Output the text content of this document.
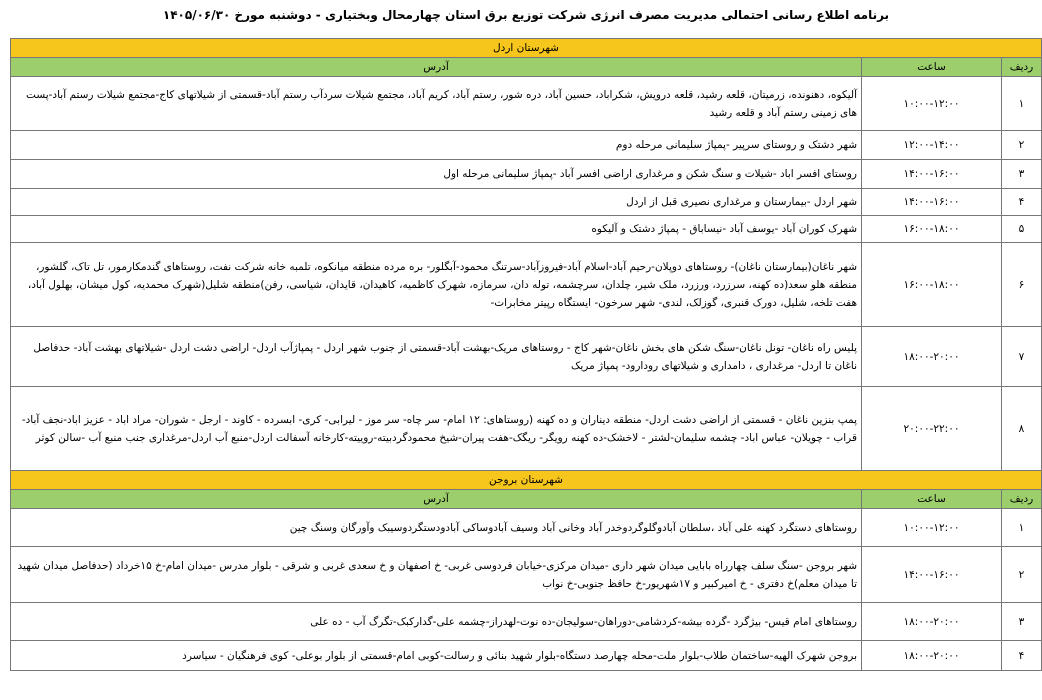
برنامه اطلاع رسانی احتمالی مدیریت مصرف انرژی شرکت توزیع برق استان چهارمحال وبختیاری - دوشنبه مورخ ۱۴۰۵/۰۶/۳۰
شهرستان اردل		
ردیف	ساعت	آدرس
۱	۱۰:۰۰-۱۲:۰۰	آلیکوه، دهنونده، زرمیتان، قلعه رشید، قلعه درویش، شکراباد، حسین آباد، دره شور، رستم آباد، کریم آباد، مجتمع شیلات سردآب رستم آباد-قسمتی از شیلاتهای کاج-مجتمع شیلات رستم آباد-پست های زمینی رستم آباد و قلعه رشید
۲	۱۲:۰۰-۱۴:۰۰	شهر دشتک و روستای سرپیر -پمپاژ سلیمانی مرحله دوم
۳	۱۴:۰۰-۱۶:۰۰	روستای افسر اباد -شیلات و سنگ شکن و مرغداری اراضی افسر آباد -پمپاژ سلیمانی مرحله اول
۴	۱۴:۰۰-۱۶:۰۰	شهر اردل -بیمارستان و مرغداری نصیری قبل از اردل
۵	۱۶:۰۰-۱۸:۰۰	شهرک کوران آباد -یوسف آباد -نیساباق - پمپاژ دشتک و آلیکوه
۶	۱۶:۰۰-۱۸:۰۰	شهر ناغان(بیمارستان ناغان)- روستاهای دوپلان-رحیم آباد-اسلام آباد-فیروزآباد-سرتنگ محمود-آبگلور- بره مرده منطقه میانکوه، تلمبه خانه شرکت نفت، روستاهای گندمکارمور، تل تاک، گلشور، منطقه هلو سعد(ده کهنه، سرزرد، ورزرد، ملک شیر، چلدان، سرچشمه، تولە دان، سرمازه، شهرک کاظمیه، کاهیدان، قایدان، شیاسی، رفن)منطقه شلیل(شهرک محمدیه، کول میشان، بهلول آباد، هفت تلخه، شلیل، دورک قنبری، گوزلک، لندی- شهر سرخون- ایستگاه رپیتر مخابرات-
۷	۱۸:۰۰-۲۰:۰۰	پلیس راه ناغان- تونل ناغان-سنگ شکن های بخش ناغان-شهر کاج - روستاهای مریک-بهشت آباد-قسمتی از جنوب شهر اردل - پمپاژآب اردل- اراضی دشت اردل -شیلاتهای بهشت آباد- حدفاصل ناغان تا اردل- مرغداری ، دامداری و شیلاتهای رودارود- پمپاژ مریک
۸	۲۰:۰۰-۲۲:۰۰	پمپ بنزین ناغان - قسمتی از اراضی دشت اردل- منطقه دیناران و ده کهنه (روستاهای: ۱۲ امام- سر چاه- سر موز - لیرابی- کری- ابسرده - کاوند - ارجل - شوران- مراد اباد - عزیز اباد-نجف آباد- قراب - چویلان- عباس اباد- چشمه سلیمان-لشتر - لاخشک-ده کهنه رویگر- ریگک-هفت پیران-شیخ محمودگردبیته-روییته-کارخانه آسفالت اردل-منبع آب اردل-مرغداری جنب منبع آب -سالن کوثر
شهرستان بروجن		
ردیف	ساعت	آدرس
۱	۱۰:۰۰-۱۲:۰۰	روستاهای دستگرد کهنه علی آباد ،سلطان آبادوگلوگردوخدر آباد وخانی آباد وسیف آبادوساکی آبادودستگردوسیبک وآورگان وسنگ چین
۲	۱۴:۰۰-۱۶:۰۰	شهر بروجن -سنگ سلف چهارراه بابایی میدان شهر داری -میدان مرکزی-خیابان فردوسی غربی- خ اصفهان و خ سعدی غربی و شرقی - بلوار مدرس -میدان امام-خ ۱۵خرداد (حدفاصل میدان شهید تا میدان معلم)خ دفتری - خ امیرکبیر و ۱۷شهریور-خ حافظ جنوبی-خ نواب
۳	۱۸:۰۰-۲۰:۰۰	روستاهای امام قیس- بیژگرد -گرده بیشه-کردشامی-دوراهان-سولیجان-ده نوت-لهدراز-چشمه علی-گدارکبک-تگرگ آب - ده علی
۴	۱۸:۰۰-۲۰:۰۰	بروجن شهرک الهیه-ساختمان طلاب-بلوار ملت-محله چهارصد دستگاه-بلوار شهید بنائی و رسالت-کوبی امام-قسمتی از بلوار بوعلی- کوی فرهنگیان - سیاسرد
